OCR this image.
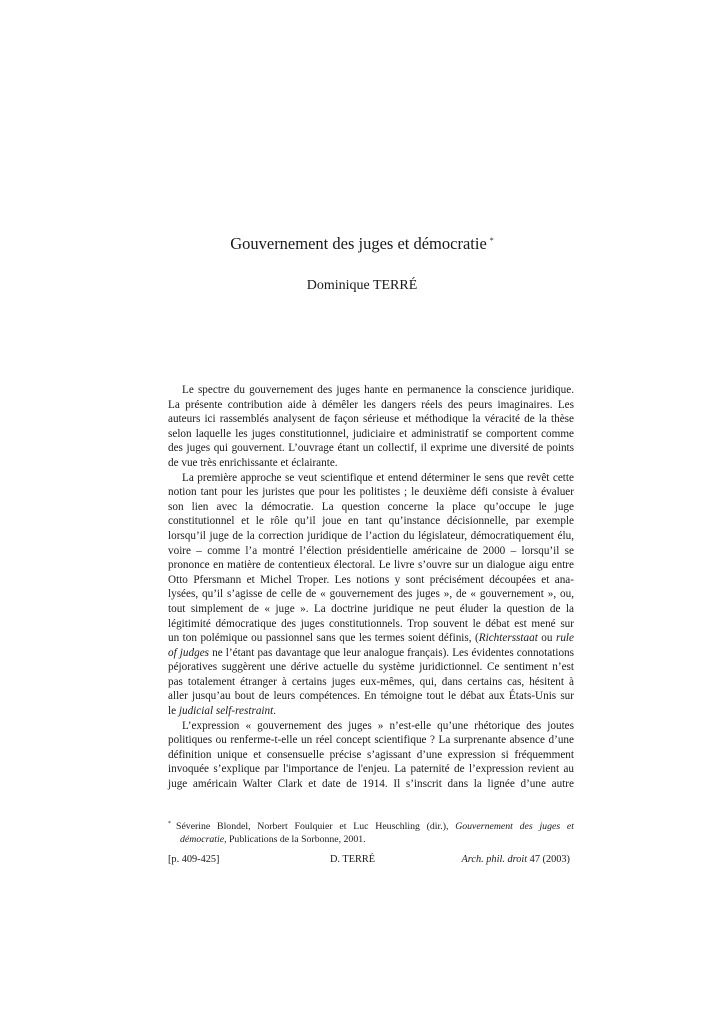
Gouvernement des juges et démocratie *
Dominique TERRÉ
Le spectre du gouvernement des juges hante en permanence la conscience juridique.
La présente contribution aide à démêler les dangers réels des peurs imaginaires. Les
auteurs ici rassemblés analysent de façon sérieuse et méthodique la véracité de la thèse
selon laquelle les juges constitutionnel, judiciaire et administratif se comportent comme
des juges qui gouvernent. L’ouvrage étant un collectif, il exprime une diversité de points
de vue très enrichissante et éclairante.
La première approche se veut scientifique et entend déterminer le sens que revêt cette
notion tant pour les juristes que pour les politistes ; le deuxième défi consiste à évaluer
son lien avec la démocratie. La question concerne la place qu’occupe le juge
constitutionnel et le rôle qu’il joue en tant qu’instance décisionnelle, par exemple
lorsqu’il juge de la correction juridique de l’action du législateur, démocratiquement élu,
voire – comme l’a montré l’élection présidentielle américaine de 2000 – lorsqu’il se
prononce en matière de contentieux électoral. Le livre s’ouvre sur un dialogue aigu entre
Otto Pfersmann et Michel Troper. Les notions y sont précisément découpées et ana-
lysées, qu’il s’agisse de celle de « gouvernement des juges », de « gouvernement », ou,
tout simplement de « juge ». La doctrine juridique ne peut éluder la question de la
légitimité démocratique des juges constitutionnels. Trop souvent le débat est mené sur
un ton polémique ou passionnel sans que les termes soient définis, (Richtersstaat ou rule
of judges ne l’étant pas davantage que leur analogue français). Les évidentes connotations
péjoratives suggèrent une dérive actuelle du système juridictionnel. Ce sentiment n’est
pas totalement étranger à certains juges eux-mêmes, qui, dans certains cas, hésitent à
aller jusqu’au bout de leurs compétences. En témoigne tout le débat aux États-Unis sur
le judicial self-restraint.
L’expression « gouvernement des juges » n’est-elle qu’une rhétorique des joutes
politiques ou renferme-t-elle un réel concept scientifique ? La surprenante absence d’une
définition unique et consensuelle précise s’agissant d’une expression si fréquemment
invoquée s’explique par l'importance de l'enjeu. La paternité de l’expression revient au
juge américain Walter Clark et date de 1914. Il s’inscrit dans la lignée d’une autre
* Séverine Blondel, Norbert Foulquier et Luc Heuschling (dir.), Gouvernement des juges et
démocratie, Publications de la Sorbonne, 2001.
[p. 409-425]	D. TERRÉ	Arch. phil. droit 47 (2003)
